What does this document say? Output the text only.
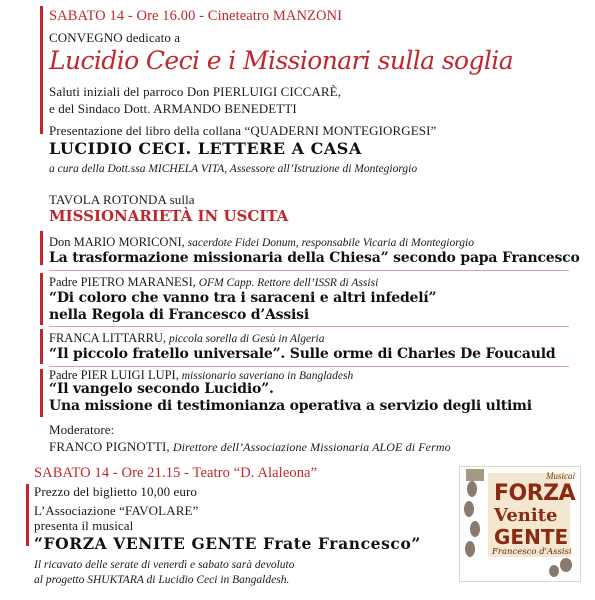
SABATO 14 - Ore 16.00 - Cineteatro MANZONI
CONVEGNO dedicato a
Lucidio Ceci e i Missionari sulla soglia
Saluti iniziali del parroco Don PIERLUIGI CICCARÈ,
e del Sindaco Dott. ARMANDO BENEDETTI
Presentazione del libro della collana “QUADERNI MONTEGIORGESI”
LUCIDIO CECI. LETTERE A CASA
a cura della Dott.ssa MICHELA VITA, Assessore all’Istruzione di Montegiorgio
TAVOLA ROTONDA sulla
MISSIONARIETÀ IN USCITA
Don MARIO MORICONI, sacerdote Fidei Donum, responsabile Vicaria di Montegiorgio
La trasformazione missionaria della Chiesa” secondo papa Francesco
Padre PIETRO MARANESI, OFM Capp. Rettore dell’ISSR di Assisi
“Di coloro che vanno tra i saraceni e altri infedelí”
nella Regola di Francesco d’Assisi
FRANCA LITTARRU, piccola sorella di Gesù in Algeria
“Il piccolo fratello universale”. Sulle orme di Charles De Foucauld
Padre PIER LUIGI LUPI, missionario saveriano in Bangladesh
“Il vangelo secondo Lucidio”.
Una missione di testimonianza operativa a servizio degli ultimi
Moderatore:
FRANCO PIGNOTTI, Direttore dell’Associazione Missionaria ALOE di Fermo
SABATO 14 - Ore 21.15 - Teatro “D. Alaleona”
Prezzo del biglietto 10,00 euro
L’Associazione “FAVOLARE”
presenta il musical
“FORZA VENITE GENTE Frate Francesco”
Il ricavato delle serate di venerdì e sabato sarà devoluto
al progetto SHUKTARA di Lucidio Ceci in Bangaldesh.
Musical
FORZA
Venite
GENTE
Francesco d'Assisi
